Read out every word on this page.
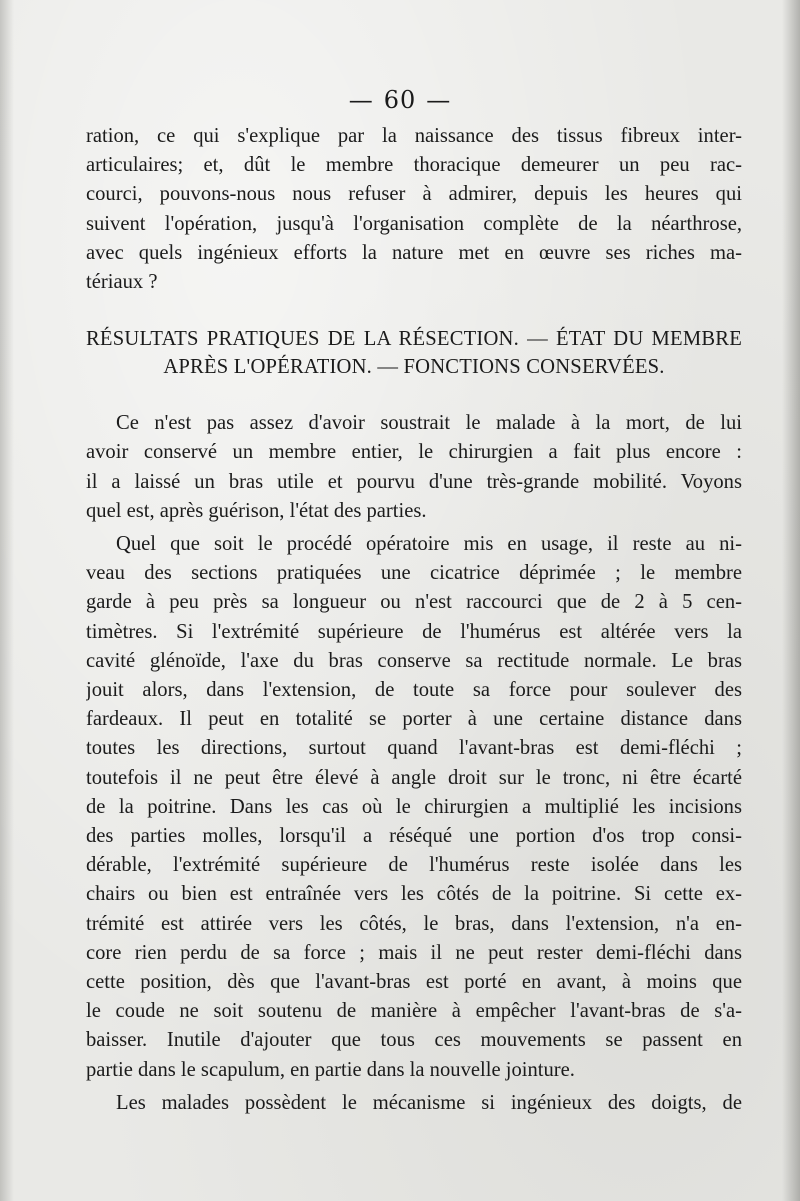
— 60 —
ration, ce qui s'explique par la naissance des tissus fibreux inter-
articulaires; et, dût le membre thoracique demeurer un peu rac-
courci, pouvons-nous nous refuser à admirer, depuis les heures qui
suivent l'opération, jusqu'à l'organisation complète de la néarthrose,
avec quels ingénieux efforts la nature met en œuvre ses riches ma-
tériaux ?
RÉSULTATS PRATIQUES DE LA RÉSECTION. — ÉTAT DU MEMBRE
APRÈS L'OPÉRATION. — FONCTIONS CONSERVÉES.
Ce n'est pas assez d'avoir soustrait le malade à la mort, de lui
avoir conservé un membre entier, le chirurgien a fait plus encore :
il a laissé un bras utile et pourvu d'une très-grande mobilité. Voyons
quel est, après guérison, l'état des parties.
Quel que soit le procédé opératoire mis en usage, il reste au ni-
veau des sections pratiquées une cicatrice déprimée ; le membre
garde à peu près sa longueur ou n'est raccourci que de 2 à 5 cen-
timètres. Si l'extrémité supérieure de l'humérus est altérée vers la
cavité glénoïde, l'axe du bras conserve sa rectitude normale. Le bras
jouit alors, dans l'extension, de toute sa force pour soulever des
fardeaux. Il peut en totalité se porter à une certaine distance dans
toutes les directions, surtout quand l'avant-bras est demi-fléchi ;
toutefois il ne peut être élevé à angle droit sur le tronc, ni être écarté
de la poitrine. Dans les cas où le chirurgien a multiplié les incisions
des parties molles, lorsqu'il a réséqué une portion d'os trop consi-
dérable, l'extrémité supérieure de l'humérus reste isolée dans les
chairs ou bien est entraînée vers les côtés de la poitrine. Si cette ex-
trémité est attirée vers les côtés, le bras, dans l'extension, n'a en-
core rien perdu de sa force ; mais il ne peut rester demi-fléchi dans
cette position, dès que l'avant-bras est porté en avant, à moins que
le coude ne soit soutenu de manière à empêcher l'avant-bras de s'a-
baisser. Inutile d'ajouter que tous ces mouvements se passent en
partie dans le scapulum, en partie dans la nouvelle jointure.
Les malades possèdent le mécanisme si ingénieux des doigts, de
